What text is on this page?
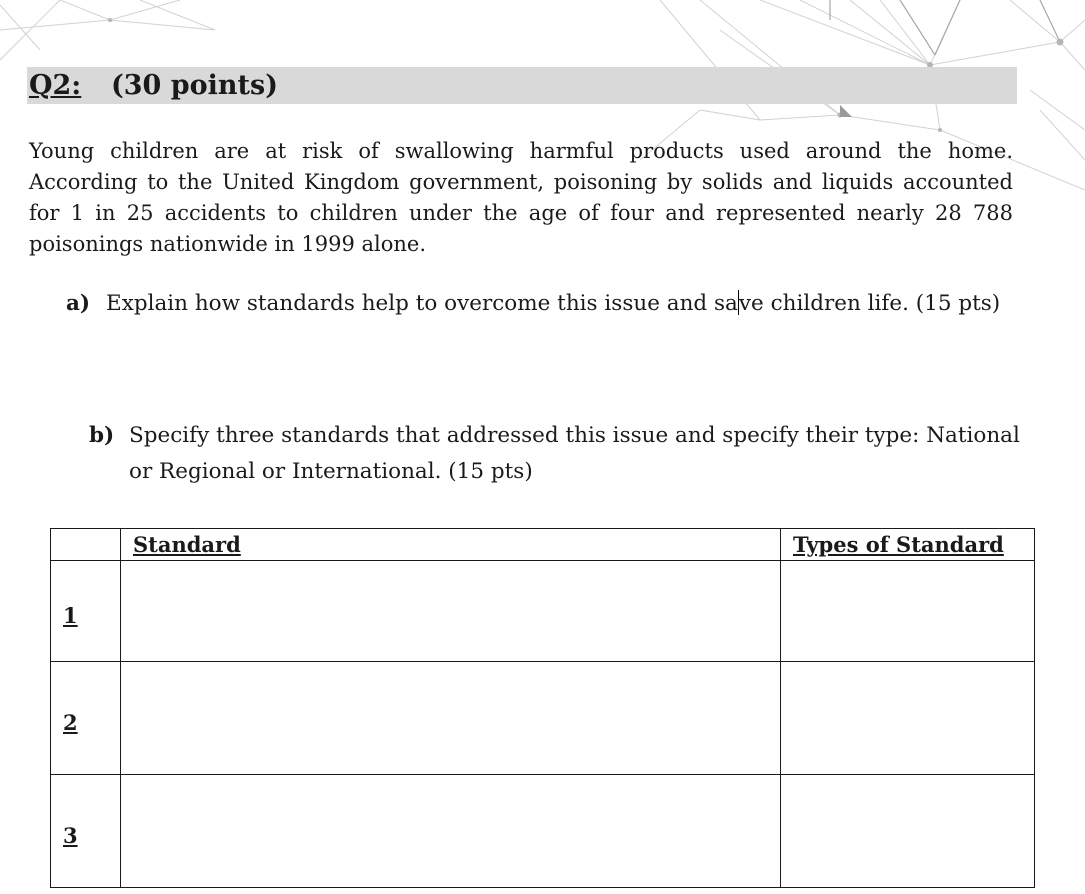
Q2: (30 points)
Young children are at risk of swallowing harmful products used around the home. According to the United Kingdom government, poisoning by solids and liquids accounted for 1 in 25 accidents to children under the age of four and represented nearly 28 788 poisonings nationwide in 1999 alone.
a) Explain how standards help to overcome this issue and save children life. (15 pts)
b) Specify three standards that addressed this issue and specify their type: National
or Regional or International. (15 pts)
	Standard	Types of Standard
1		
2		
3		
